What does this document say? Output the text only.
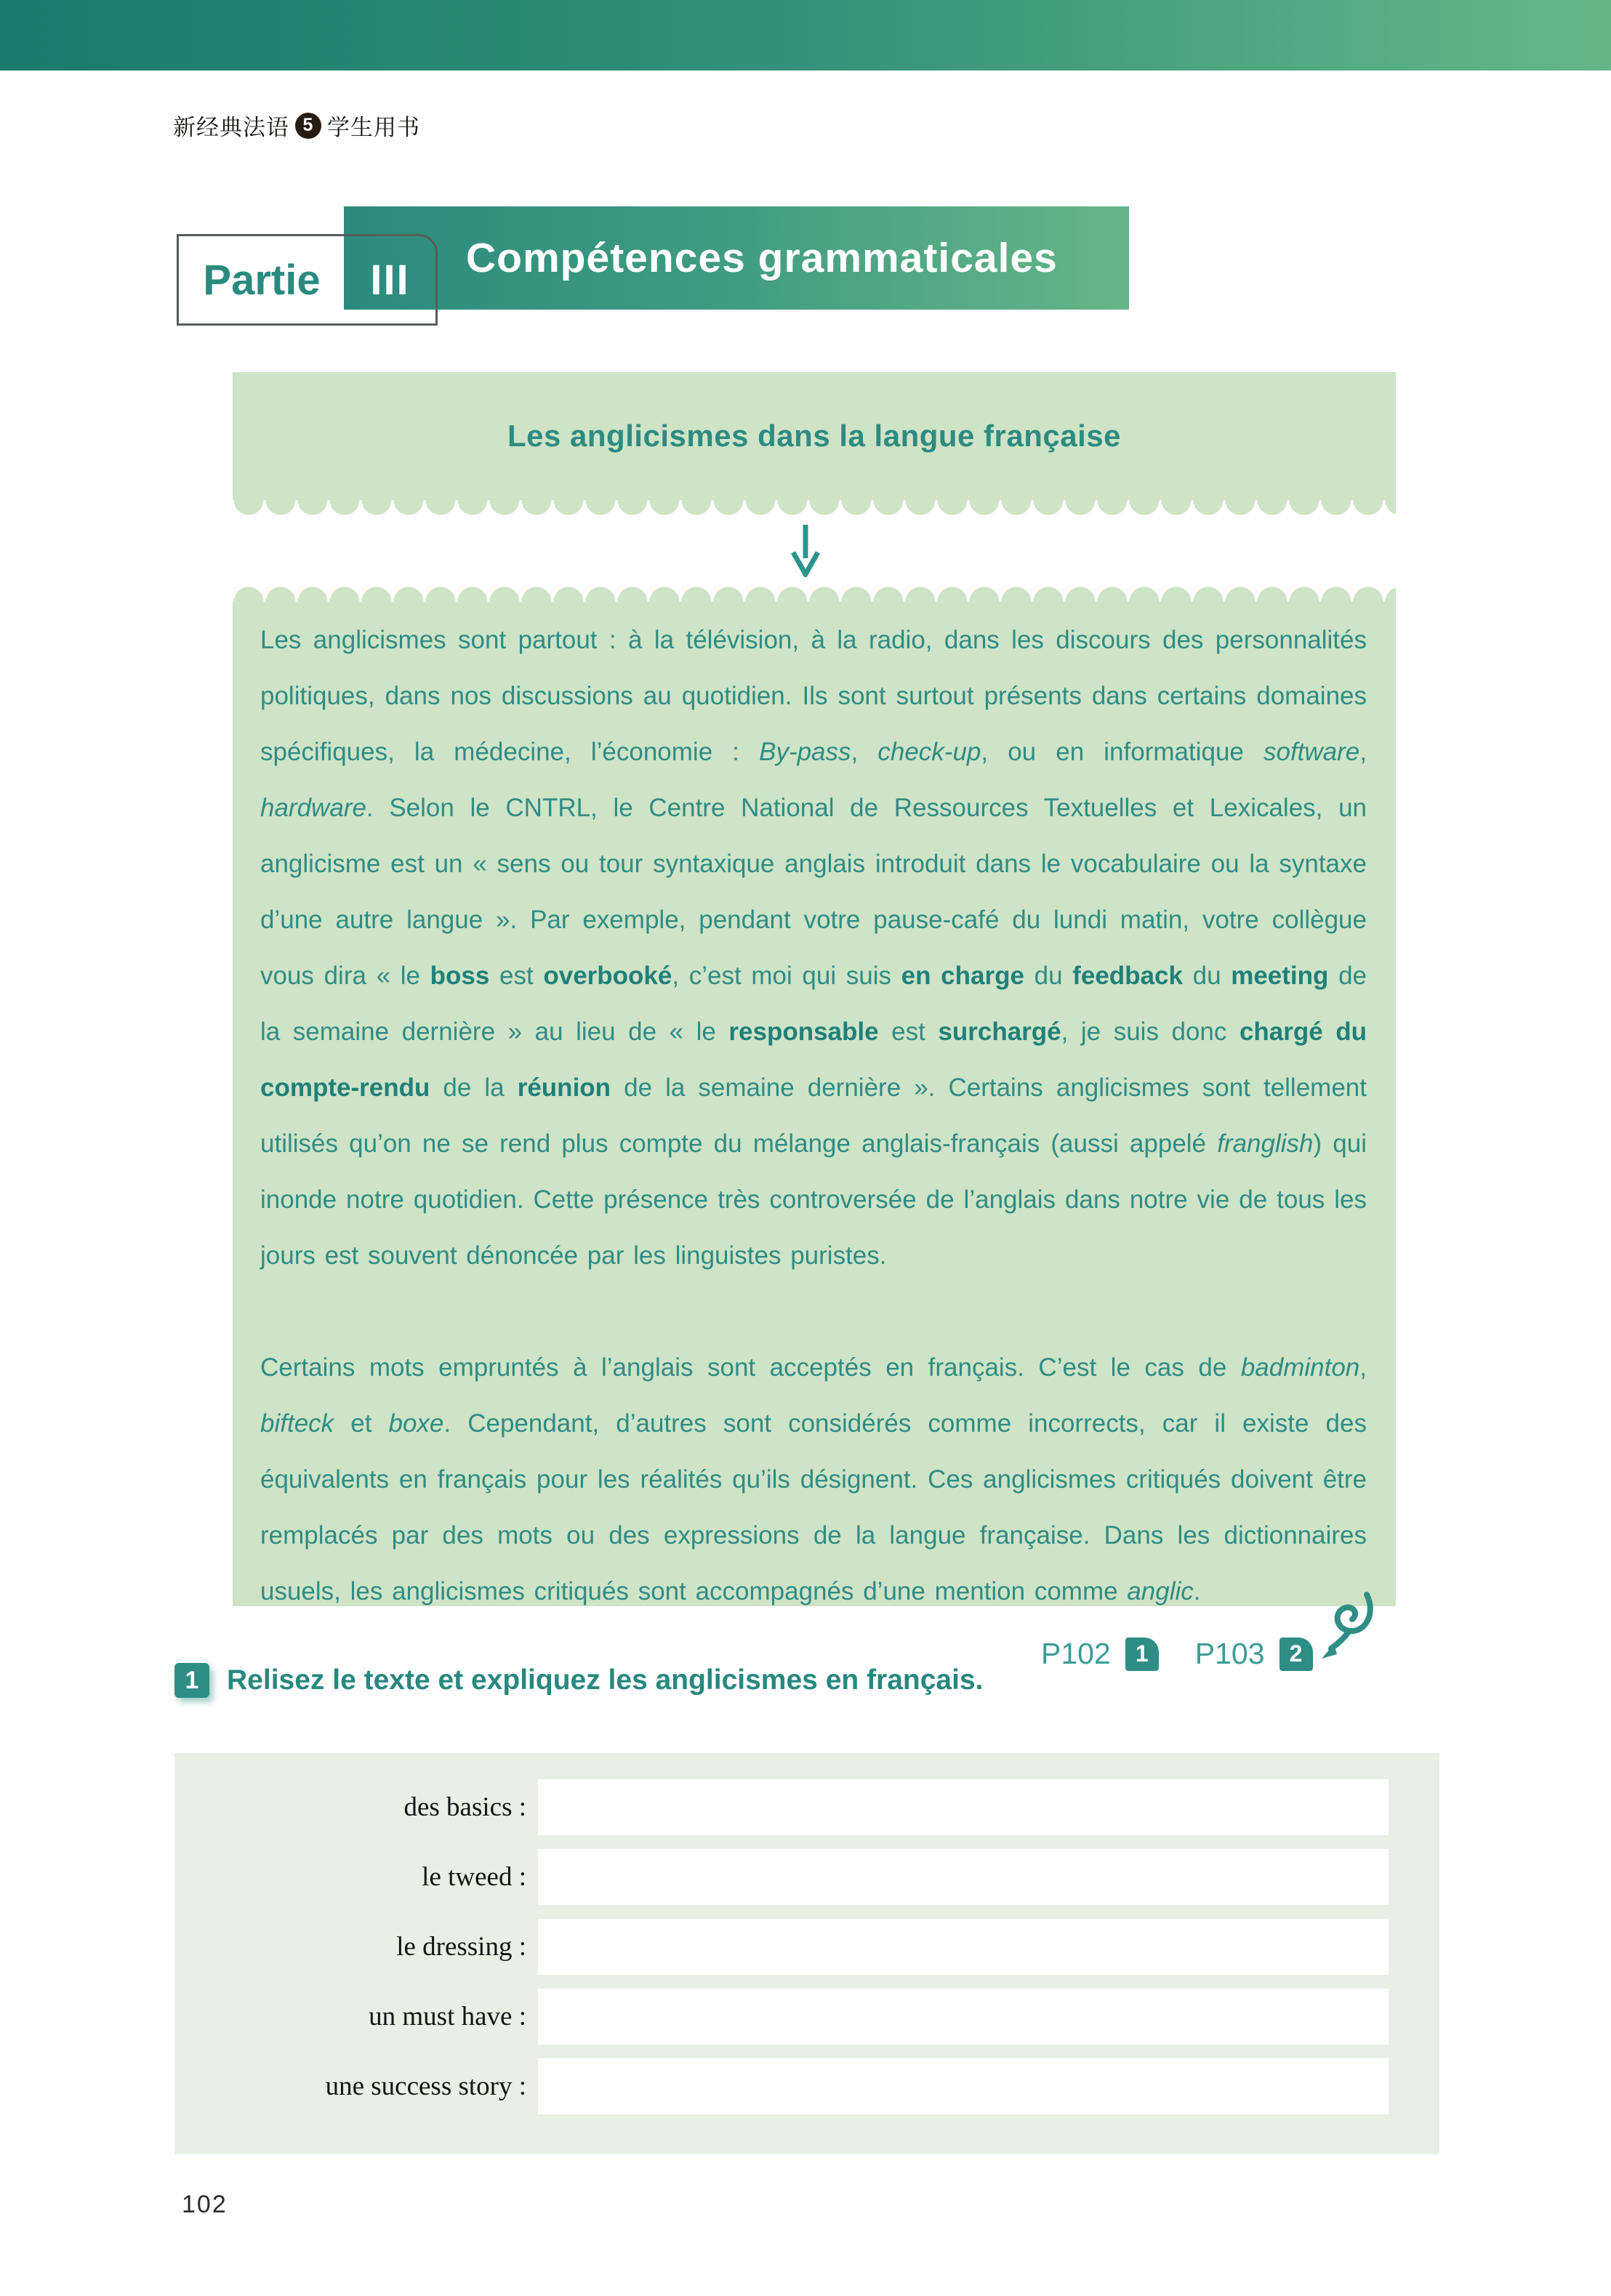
新经典法语 5 学生用书
Compétences grammaticales
Partie	III
Les anglicismes dans la langue française

Les anglicismes sont partout : à la télévision, à la radio, dans les discours des personnalités politiques, dans nos discussions au quotidien. Ils sont surtout présents dans certains domaines spécifiques, la médecine, l’économie : By-pass, check-up, ou en informatique software, hardware. Selon le CNTRL, le Centre National de Ressources Textuelles et Lexicales, un anglicisme est un « sens ou tour syntaxique anglais introduit dans le vocabulaire ou la syntaxe d’une autre langue ». Par exemple, pendant votre pause-café du lundi matin, votre collègue vous dira « le boss est overbooké, c’est moi qui suis en charge du feedback du meeting de la semaine dernière » au lieu de « le responsable est surchargé, je suis donc chargé du compte-rendu de la réunion de la semaine dernière ». Certains anglicismes sont tellement utilisés qu’on ne se rend plus compte du mélange anglais-français (aussi appelé franglish) qui inonde notre quotidien. Cette présence très controversée de l’anglais dans notre vie de tous les jours est souvent dénoncée par les linguistes puristes.

Certains mots empruntés à l’anglais sont acceptés en français. C’est le cas de badminton, bifteck et boxe. Cependant, d’autres sont considérés comme incorrects, car il existe des équivalents en français pour les réalités qu’ils désignent. Ces anglicismes critiqués doivent être remplacés par des mots ou des expressions de la langue française. Dans les dictionnaires usuels, les anglicismes critiqués sont accompagnés d’une mention comme anglic.

P102	1	P103	2
1 Relisez le texte et expliquez les anglicismes en français.
des basics :
le tweed :
le dressing :
un must have :
une success story :
102
